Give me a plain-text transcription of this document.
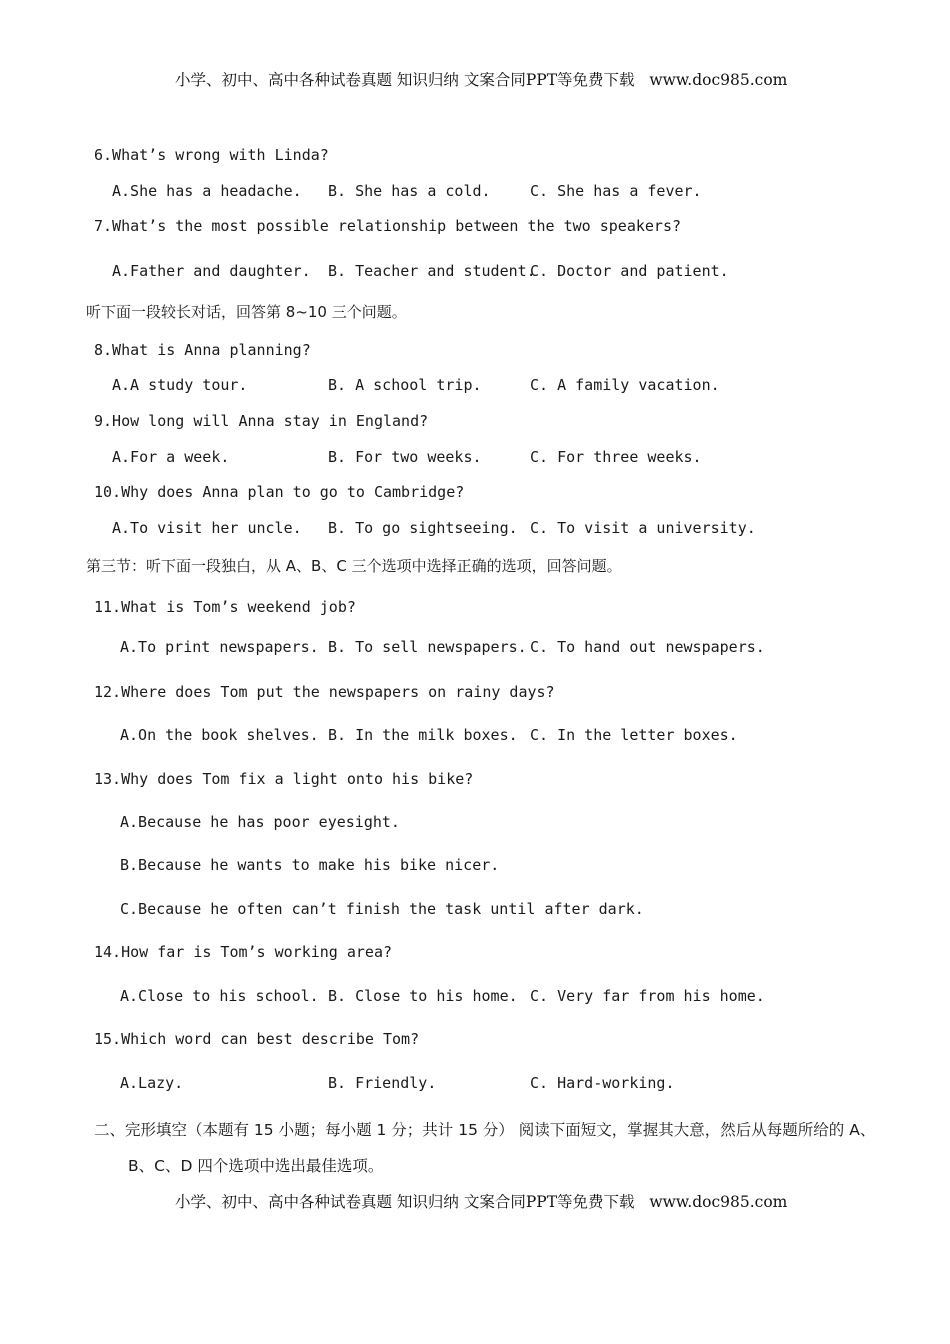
小学、初中、高中各种试卷真题 知识归纳 文案合同PPT等免费下载   www.doc985.com
6.What’s wrong with Linda?
A.She has a headache. B. She has a cold.	C. She has a fever.
7.What’s the most possible relationship between the two speakers?
A.Father and daughter. B. Teacher and student.
C. Doctor and patient.
听下面一段较长对话，回答第 8~10 三个问题。
8.What is Anna planning?
A.A study tour.	B. A school trip.	C. A family vacation.
9.How long will Anna stay in England?
A.For a week.	B. For two weeks.	C. For three weeks.
10.Why does Anna plan to go to Cambridge?
A.To visit her uncle. B. To go sightseeing. C. To visit a university.
第三节：听下面一段独白，从 A、B、C 三个选项中选择正确的选项，回答问题。
11.What is Tom’s weekend job?
A.To print newspapers. B. To sell newspapers. C. To hand out newspapers.
12.Where does Tom put the newspapers on rainy days?
A.On the book shelves. B. In the milk boxes. C. In the letter boxes.
13.Why does Tom fix a light onto his bike?
A.Because he has poor eyesight.
B.Because he wants to make his bike nicer.
C.Because he often can’t finish the task until after dark.
14.How far is Tom’s working area?
A.Close to his school. B. Close to his home. C. Very far from his home.
15.Which word can best describe Tom?
A.Lazy.	B. Friendly.	C. Hard-working.
二、完形填空（本题有 15 小题；每小题 1 分；共计 15 分） 阅读下面短文，掌握其大意，然后从每题所给的 A、B、C、D 四个选项中选出最佳选项。
小学、初中、高中各种试卷真题 知识归纳 文案合同PPT等免费下载   www.doc985.com
